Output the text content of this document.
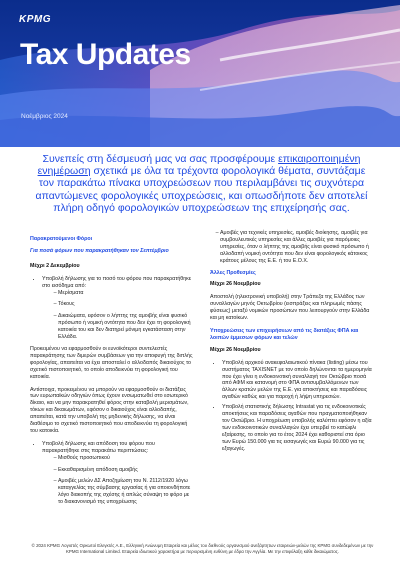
KPMG
Tax Updates
Νοέμβριος 2024
Συνεπείς στη δέσμευσή μας να σας προσφέρουμε επικαιροποιημένη ενημέρωση σχετικά με όλα τα τρέχοντα φορολογικά θέματα, συντάξαμε τον παρακάτω πίνακα υποχρεώσεων που περιλαμβάνει τις συχνότερα απαντώμενες φορολογικές υποχρεώσεις, και οπωσδήποτε δεν αποτελεί πλήρη οδηγό φορολογικών υποχρεώσεων της επιχείρησής σας.
Παρακρατούμενοι Φόροι
Για ποσά φόρων που παρακρατήθηκαν τον Σεπτέμβριο
Μέχρι 2 Δεκεμβρίου
• Υποβολή δήλωσης για το ποσό του φόρου που παρακρατήθηκε στο εισόδημα από:
– Μερίσματα
– Τόκους
– Δικαιώματα, εφόσον ο λήπτης της αμοιβής είναι φυσικό πρόσωπο ή νομική οντότητα που δεν έχει τη φορολογική κατοικία του και δεν διατηρεί μόνιμη εγκατάσταση στην Ελλάδα.

Προκειμένου να εφαρμοσθούν οι ευνοϊκότεροι συντελεστές παρακράτησης των διμερών συμβάσεων για την αποφυγή της διπλής φορολογίας, απαιτείται να έχει αποσταλεί ο αλλοδαπός δικαιούχος το σχετικό πιστοποιητικό, το οποίο αποδεικνύει τη φορολογική του κατοικία.

Αντίστοιχα, προκειμένου να μπορούν να εφαρμοσθούν οι διατάξεις των ευρωπαϊκών οδηγιών όπως έχουν ενσωματωθεί στο εσωτερικό δίκαιο, και να μην παρακρατηθεί φόρος στην καταβολή μερισμάτων, τόκων και δικαιωμάτων, εφόσον ο δικαιούχος είναι αλλοδαπής, απαιτείται, κατά την υποβολή της μηδενικής δήλωσης, να είναι διαθέσιμο το σχετικό πιστοποιητικό που αποδεικνύει τη φορολογική του κατοικία.

• Υποβολή δήλωσης και απόδοση του φόρου που παρακρατήθηκε στις παρακάτω περιπτώσεις:
– Μισθούς προσωπικού
– Εκκαθαρισμένη απόδοση αμοιβής
– Αμοιβές μελών ΔΣ Αποζημίωση του Ν. 2112/1920 λόγω καταγγελίας της σύμβασης εργασίας ή για οποιονδήποτε λόγο διακοπής της σχέσης ή απλώς σύναψη το φόρο με το διακανονισμό της υποχρέωσης
– Αμοιβές για τεχνικές υπηρεσίες, αμοιβές διοίκησης, αμοιβές για συμβουλευτικές υπηρεσίες και άλλες αμοιβές για παρόμοιες υπηρεσίες, όταν ο λήπτης της αμοιβής είναι φυσικό πρόσωπο ή αλλοδαπή νομική οντότητα που δεν είναι φορολογικός κάτοικος κράτους μέλους της Ε.Ε. ή του Ε.Ο.Χ.
Άλλες Προθεσμίες
Μέχρι 26 Νοεμβρίου

Αποστολή (ηλεκτρονική υποβολή) στην Τράπεζα της Ελλάδος των συναλλαγών μηνός Οκτωβρίου (εισπράξεις και πληρωμές πάσης φύσεως) μεταξύ νομικών προσώπων που λειτουργούν στην Ελλάδα και μη κατοίκων.

Υποχρεώσεις των επιχειρήσεων από τις διατάξεις ΦΠΑ και λοιπών έμμεσων φόρων και τελών
Μέχρι 26 Νοεμβρίου
• Υποβολή αρχικού ανακεφαλαιωτικού πίνακα (listing) μέσω του συστήματος TAXISNET με τον οποίο δηλώνονται τα ημερομηνία που έχει γίνει η ενδοκοινοτική συναλλαγή τον Οκτώβριο ποσά από ΑΦΜ και κατανομή στο ΦΠΑ αντισυμβαλλόμενων των άλλων κρατών μελών της Ε.Ε. για αποκτήσεις και παραδόσεις αγαθών καθώς και για παροχή ή λήψη υπηρεσιών.
• Υποβολή στατιστικής δήλωσης Intrastat για τις ενδοκοινοτικές αποκτήσεις και παραδόσεις αγαθών που πραγματοποιήθηκαν τον Οκτώβριο. Η υποχρέωση υποβολής καλύπτει εφόσον η αξία των ενδοκοινοτικών συναλλαγών έχει υπερβεί το κατώφλι εξαίρεσης, το οποίο για το έτος 2024 έχει καθοριστεί στα όριο των Ευρώ 150.000 για τις εισαγωγές και Ευρώ 90.000 για τις εξαγωγές.
© 2024 KPMG Λογιστές Ορκωτοί Ελεγκτές Α.Ε., Ελληνική Ανώνυμη Εταιρεία και μέλος του διεθνούς οργανισμού ανεξάρτητων εταιρειών-μελών της KPMG συνδεδεμένων με την KPMG International Limited. Εταιρεία ιδιωτικού χαρακτήρα με περιορισμένη ευθύνη με έδρα την Αγγλία. Με την επιφύλαξη κάθε δικαιώματος.
